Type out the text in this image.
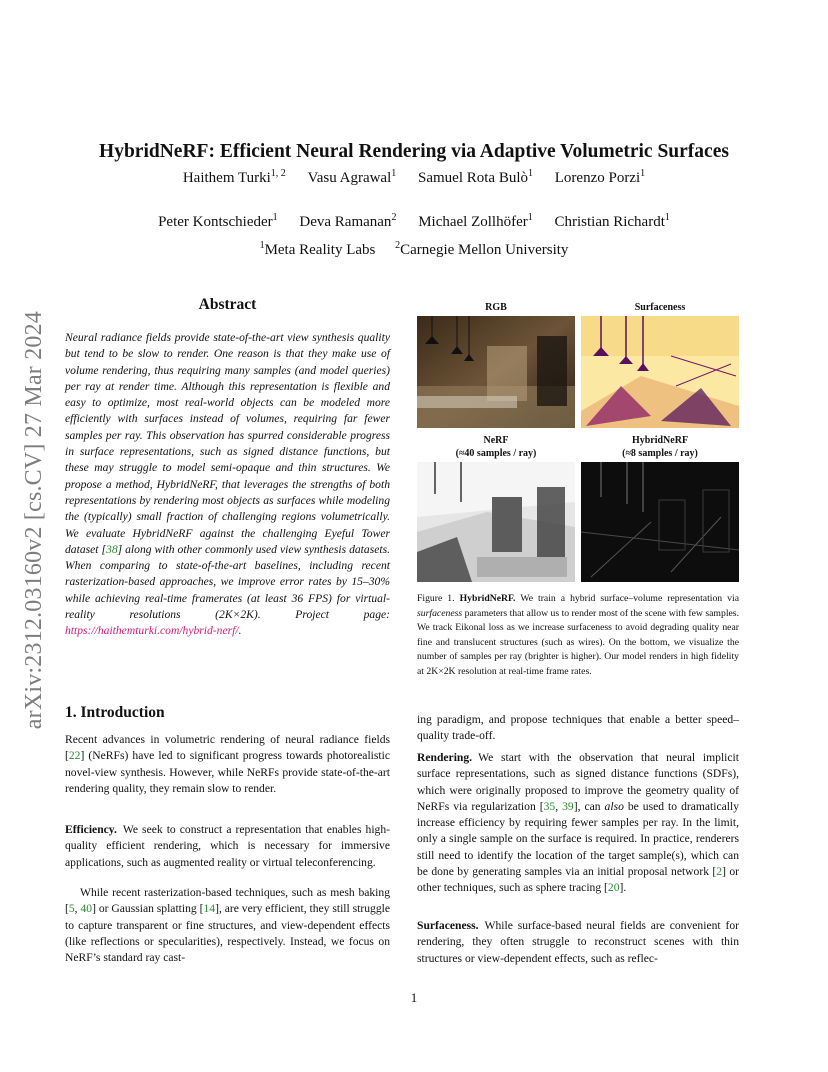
arXiv:2312.03160v2 [cs.CV] 27 Mar 2024
HybridNeRF: Efficient Neural Rendering via Adaptive Volumetric Surfaces
Haithem Turki$^{1, 2}$ Vasu Agrawal$^1$ Samuel Rota Bulò$^1$ Lorenzo Porzi$^1$
Peter Kontschieder$^1$ Deva Ramanan$^2$ Michael Zollhöfer$^1$ Christian Richardt$^1$
$^1$Meta Reality Labs $^2$Carnegie Mellon University
Abstract

Neural radiance fields provide state-of-the-art view synthesis quality but tend to be slow to render. One reason is that they make use of volume rendering, thus requiring many samples (and model queries) per ray at render time. Although this representation is flexible and easy to optimize, most real-world objects can be modeled more efficiently with surfaces instead of volumes, requiring far fewer samples per ray. This observation has spurred considerable progress in surface representations, such as signed distance functions, but these may struggle to model semi-opaque and thin structures. We propose a method, HybridNeRF, that leverages the strengths of both representations by rendering most objects as surfaces while modeling the (typically) small fraction of challenging regions volumetrically. We evaluate HybridNeRF against the challenging Eyeful Tower dataset [38] along with other commonly used view synthesis datasets. When comparing to state-of-the-art baselines, including recent rasterization-based approaches, we improve error rates by 15–30% while achieving real-time framerates (at least 36 FPS) for virtual-reality resolutions (2K×2K). Project page: https://haithemturki.com/hybrid-nerf/.

1. Introduction

Recent advances in volumetric rendering of neural radiance fields [22] (NeRFs) have led to significant progress towards photorealistic novel-view synthesis. However, while NeRFs provide state-of-the-art rendering quality, they remain slow to render.

Efficiency. We seek to construct a representation that enables high-quality efficient rendering, which is necessary for immersive applications, such as augmented reality or virtual teleconferencing.

While recent rasterization-based techniques, such as mesh baking [5, 40] or Gaussian splatting [14], are very efficient, they still struggle to capture transparent or fine structures, and view-dependent effects (like reflections or specularities), respectively. Instead, we focus on NeRF’s standard ray cast-

RGB	Surfaceness
NeRF
(≈40 samples / ray)
HybridNeRF
(≈8 samples / ray)

Figure 1. HybridNeRF. We train a hybrid surface–volume representation via surfaceness parameters that allow us to render most of the scene with few samples. We track Eikonal loss as we increase surfaceness to avoid degrading quality near fine and translucent structures (such as wires). On the bottom, we visualize the number of samples per ray (brighter is higher). Our model renders in high fidelity at 2K×2K resolution at real-time frame rates.

ing paradigm, and propose techniques that enable a better speed–quality trade-off.

Rendering. We start with the observation that neural implicit surface representations, such as signed distance functions (SDFs), which were originally proposed to improve the geometry quality of NeRFs via regularization [35, 39], can also be used to dramatically increase efficiency by requiring fewer samples per ray. In the limit, only a single sample on the surface is required. In practice, renderers still need to identify the location of the target sample(s), which can be done by generating samples via an initial proposal network [2] or other techniques, such as sphere tracing [20].

Surfaceness. While surface-based neural fields are convenient for rendering, they often struggle to reconstruct scenes with thin structures or view-dependent effects, such as reflec-

1
